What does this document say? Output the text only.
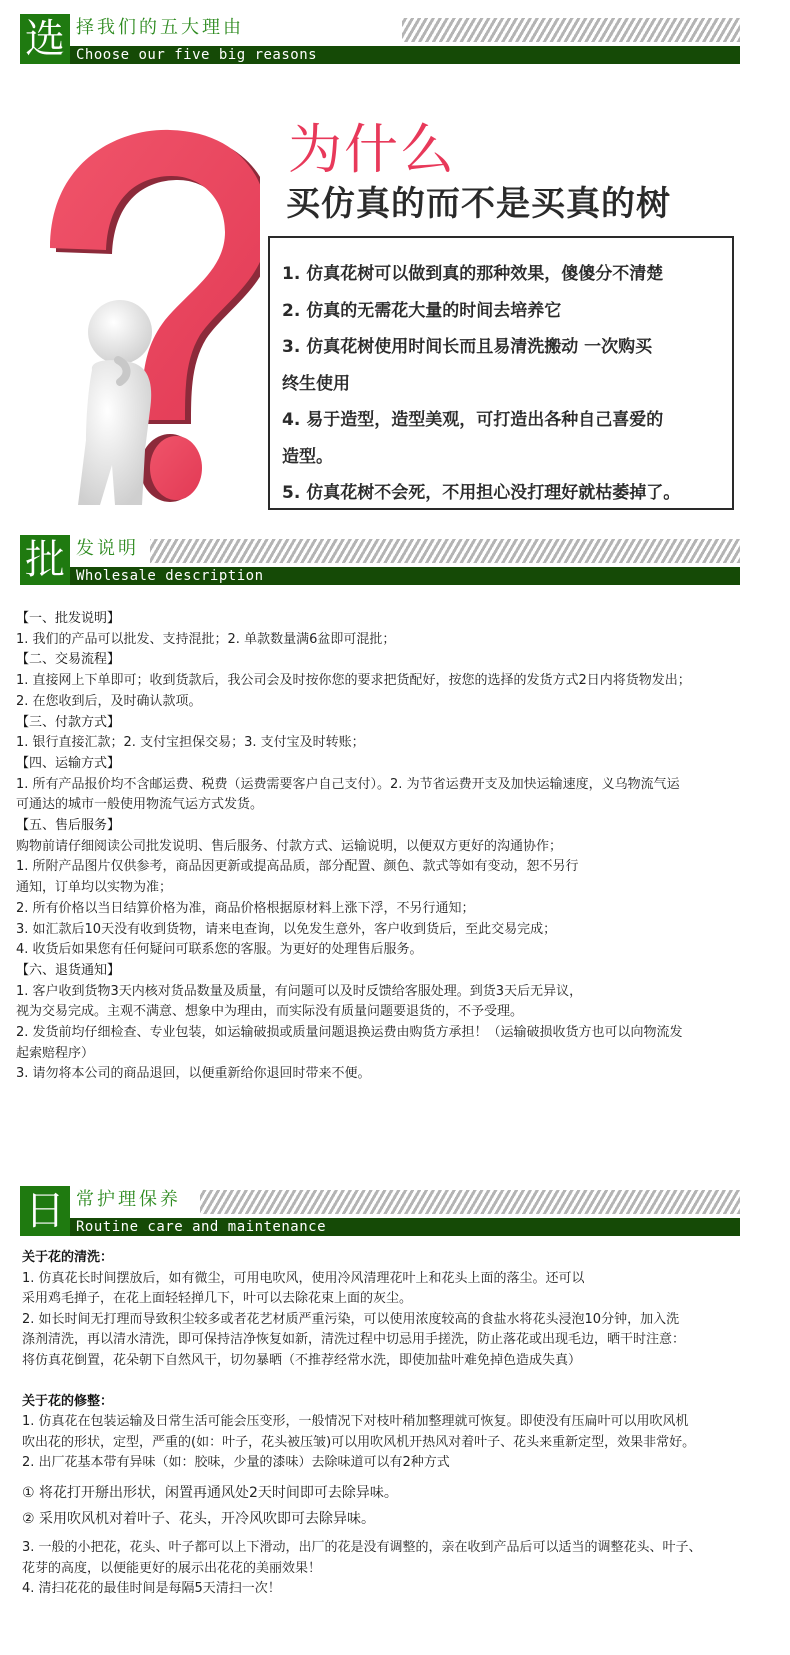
选 择我们的五大理由
Choose our five big reasons
为什么
买仿真的而不是买真的树

1. 仿真花树可以做到真的那种效果，傻傻分不清楚

2. 仿真的无需花大量的时间去培养它

3. 仿真花树使用时间长而且易清洗搬动 一次购买

终生使用

4. 易于造型，造型美观，可打造出各种自己喜爱的

造型。

5. 仿真花树不会死，不用担心没打理好就枯萎掉了。

批 发说明
Wholesale description

【一、批发说明】

1. 我们的产品可以批发、支持混批；2. 单款数量满6盆即可混批；

【二、交易流程】

1. 直接网上下单即可；收到货款后，我公司会及时按你您的要求把货配好，按您的选择的发货方式2日内将货物发出；

2. 在您收到后，及时确认款项。

【三、付款方式】

1. 银行直接汇款；2. 支付宝担保交易；3. 支付宝及时转账；

【四、运输方式】

1. 所有产品报价均不含邮运费、税费（运费需要客户自己支付）。2. 为节省运费开支及加快运输速度，义乌物流气运

可通达的城市一般使用物流气运方式发货。

【五、售后服务】

购物前请仔细阅读公司批发说明、售后服务、付款方式、运输说明，以便双方更好的沟通协作；

1. 所附产品图片仅供参考，商品因更新或提高品质，部分配置、颜色、款式等如有变动，恕不另行

通知，订单均以实物为准；

2. 所有价格以当日结算价格为准，商品价格根据原材料上涨下浮，不另行通知；

3. 如汇款后10天没有收到货物，请来电查询，以免发生意外，客户收到货后，至此交易完成；

4. 收货后如果您有任何疑问可联系您的客服。为更好的处理售后服务。

【六、退货通知】

1. 客户收到货物3天内核对货品数量及质量，有问题可以及时反馈给客服处理。到货3天后无异议，

视为交易完成。主观不满意、想象中为理由，而实际没有质量问题要退货的，不予受理。

2. 发货前均仔细检查、专业包装，如运输破损或质量问题退换运费由购货方承担！（运输破损收货方也可以向物流发

起索赔程序）

3. 请勿将本公司的商品退回，以便重新给你退回时带来不便。

日 常护理保养
Routine care and maintenance

关于花的清洗：

1. 仿真花长时间摆放后，如有微尘，可用电吹风，使用冷风清理花叶上和花头上面的落尘。还可以

采用鸡毛掸子，在花上面轻轻掸几下，叶可以去除花束上面的灰尘。

2. 如长时间无打理而导致积尘较多或者花艺材质严重污染，可以使用浓度较高的食盐水将花头浸泡10分钟，加入洗

涤剂清洗，再以清水清洗，即可保持洁净恢复如新，清洗过程中切忌用手搓洗，防止落花或出现毛边，晒干时注意：

将仿真花倒置，花朵朝下自然风干，切勿暴晒（不推荐经常水洗，即使加盐叶难免掉色造成失真）

关于花的修整：

1. 仿真花在包装运输及日常生活可能会压变形，一般情况下对枝叶稍加整理就可恢复。即使没有压扁叶可以用吹风机

吹出花的形状，定型，严重的(如：叶子，花头被压皱)可以用吹风机开热风对着叶子、花头来重新定型，效果非常好。

2. 出厂花基本带有异味（如：胶味，少量的漆味）去除味道可以有2种方式

① 将花打开掰出形状，闲置再通风处2天时间即可去除异味。

② 采用吹风机对着叶子、花头，开冷风吹即可去除异味。

3. 一般的小把花，花头、叶子都可以上下滑动，出厂的花是没有调整的，亲在收到产品后可以适当的调整花头、叶子、

花芽的高度，以便能更好的展示出花花的美丽效果！

4. 清扫花花的最佳时间是每隔5天清扫一次！
